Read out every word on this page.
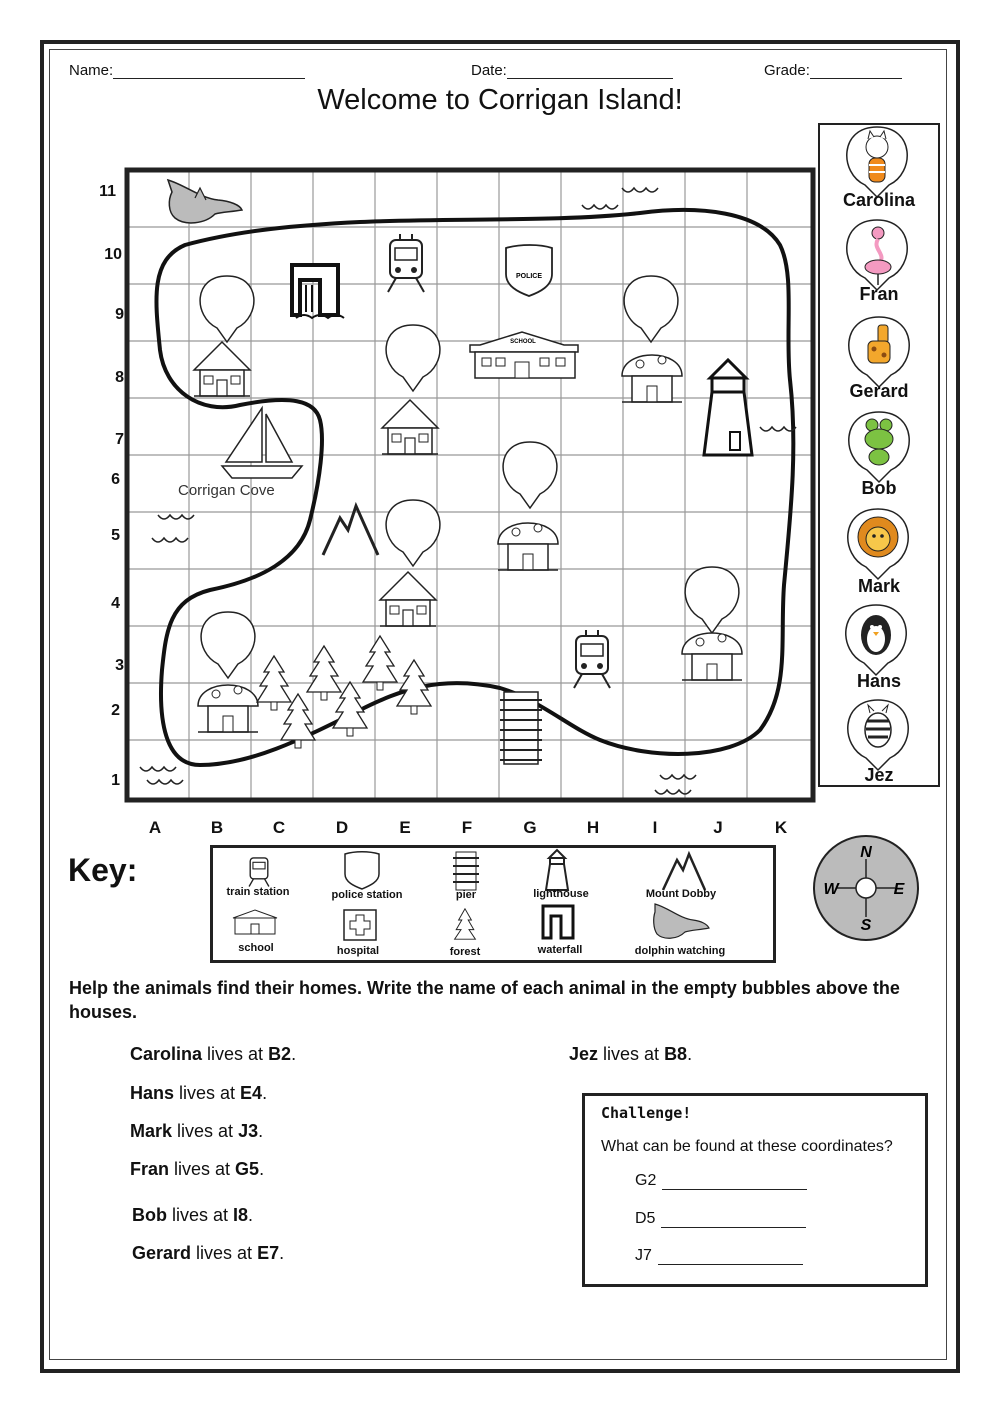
Name:	Date:	Grade:
Welcome to Corrigan Island!
POLICE
SCHOOL
Corrigan Cove
11
10
9
8
7
6
5
4
3
2
1
A	B	C	D	E	F	G	H	I	J	K
Carolina
Fran
Gerard
Bob
Mark
Hans
Jez
Key:
train station	police station	pier	lighthouse	Mount Dobby
school	hospital	forest	waterfall	dolphin watching
N
S
W	E
Help the animals find their homes. Write the name of each animal in the empty bubbles above the houses.
Carolina lives at B2.
Hans lives at E4.
Mark lives at J3.
Fran lives at G5.
Bob lives at I8.
Gerard lives at E7.
Jez lives at B8.
Challenge!
What can be found at these coordinates?
G2
D5
J7
